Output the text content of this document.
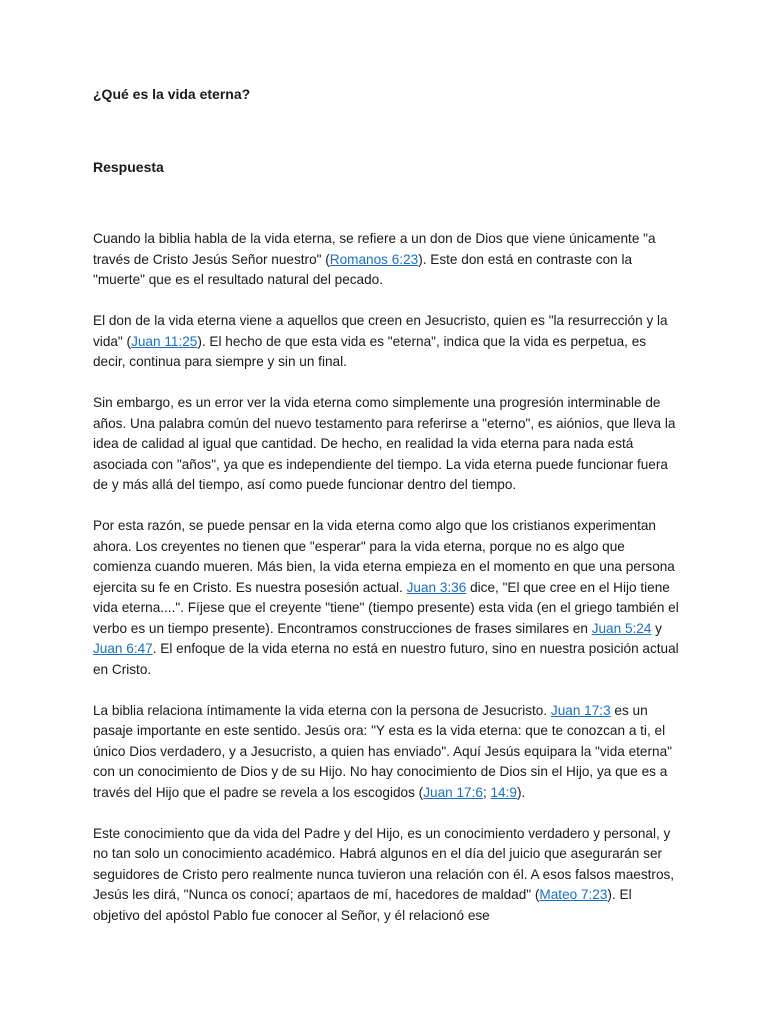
¿Qué es la vida eterna?
Respuesta

Cuando la biblia habla de la vida eterna, se refiere a un don de Dios que viene únicamente "a través de Cristo Jesús Señor nuestro" (Romanos 6:23). Este don está en contraste con la "muerte" que es el resultado natural del pecado.

El don de la vida eterna viene a aquellos que creen en Jesucristo, quien es "la resurrección y la vida" (Juan 11:25). El hecho de que esta vida es "eterna", indica que la vida es perpetua, es decir, continua para siempre y sin un final.

Sin embargo, es un error ver la vida eterna como simplemente una progresión interminable de años. Una palabra común del nuevo testamento para referirse a "eterno", es aiónios, que lleva la idea de calidad al igual que cantidad. De hecho, en realidad la vida eterna para nada está asociada con "años", ya que es independiente del tiempo. La vida eterna puede funcionar fuera de y más allá del tiempo, así como puede funcionar dentro del tiempo.

Por esta razón, se puede pensar en la vida eterna como algo que los cristianos experimentan ahora. Los creyentes no tienen que "esperar" para la vida eterna, porque no es algo que comienza cuando mueren. Más bien, la vida eterna empieza en el momento en que una persona ejercita su fe en Cristo. Es nuestra posesión actual. Juan 3:36 dice, "El que cree en el Hijo tiene vida eterna....". Fíjese que el creyente "tiene" (tiempo presente) esta vida (en el griego también el verbo es un tiempo presente). Encontramos construcciones de frases similares en Juan 5:24 y Juan 6:47. El enfoque de la vida eterna no está en nuestro futuro, sino en nuestra posición actual en Cristo.

La biblia relaciona íntimamente la vida eterna con la persona de Jesucristo. Juan 17:3 es un pasaje importante en este sentido. Jesús ora: "Y esta es la vida eterna: que te conozcan a ti, el único Dios verdadero, y a Jesucristo, a quien has enviado". Aquí Jesús equipara la "vida eterna" con un conocimiento de Dios y de su Hijo. No hay conocimiento de Dios sin el Hijo, ya que es a través del Hijo que el padre se revela a los escogidos (Juan 17:6; 14:9).

Este conocimiento que da vida del Padre y del Hijo, es un conocimiento verdadero y personal, y no tan solo un conocimiento académico. Habrá algunos en el día del juicio que asegurarán ser seguidores de Cristo pero realmente nunca tuvieron una relación con él. A esos falsos maestros, Jesús les dirá, "Nunca os conocí; apartaos de mí, hacedores de maldad" (Mateo 7:23). El objetivo del apóstol Pablo fue conocer al Señor, y él relacionó ese
